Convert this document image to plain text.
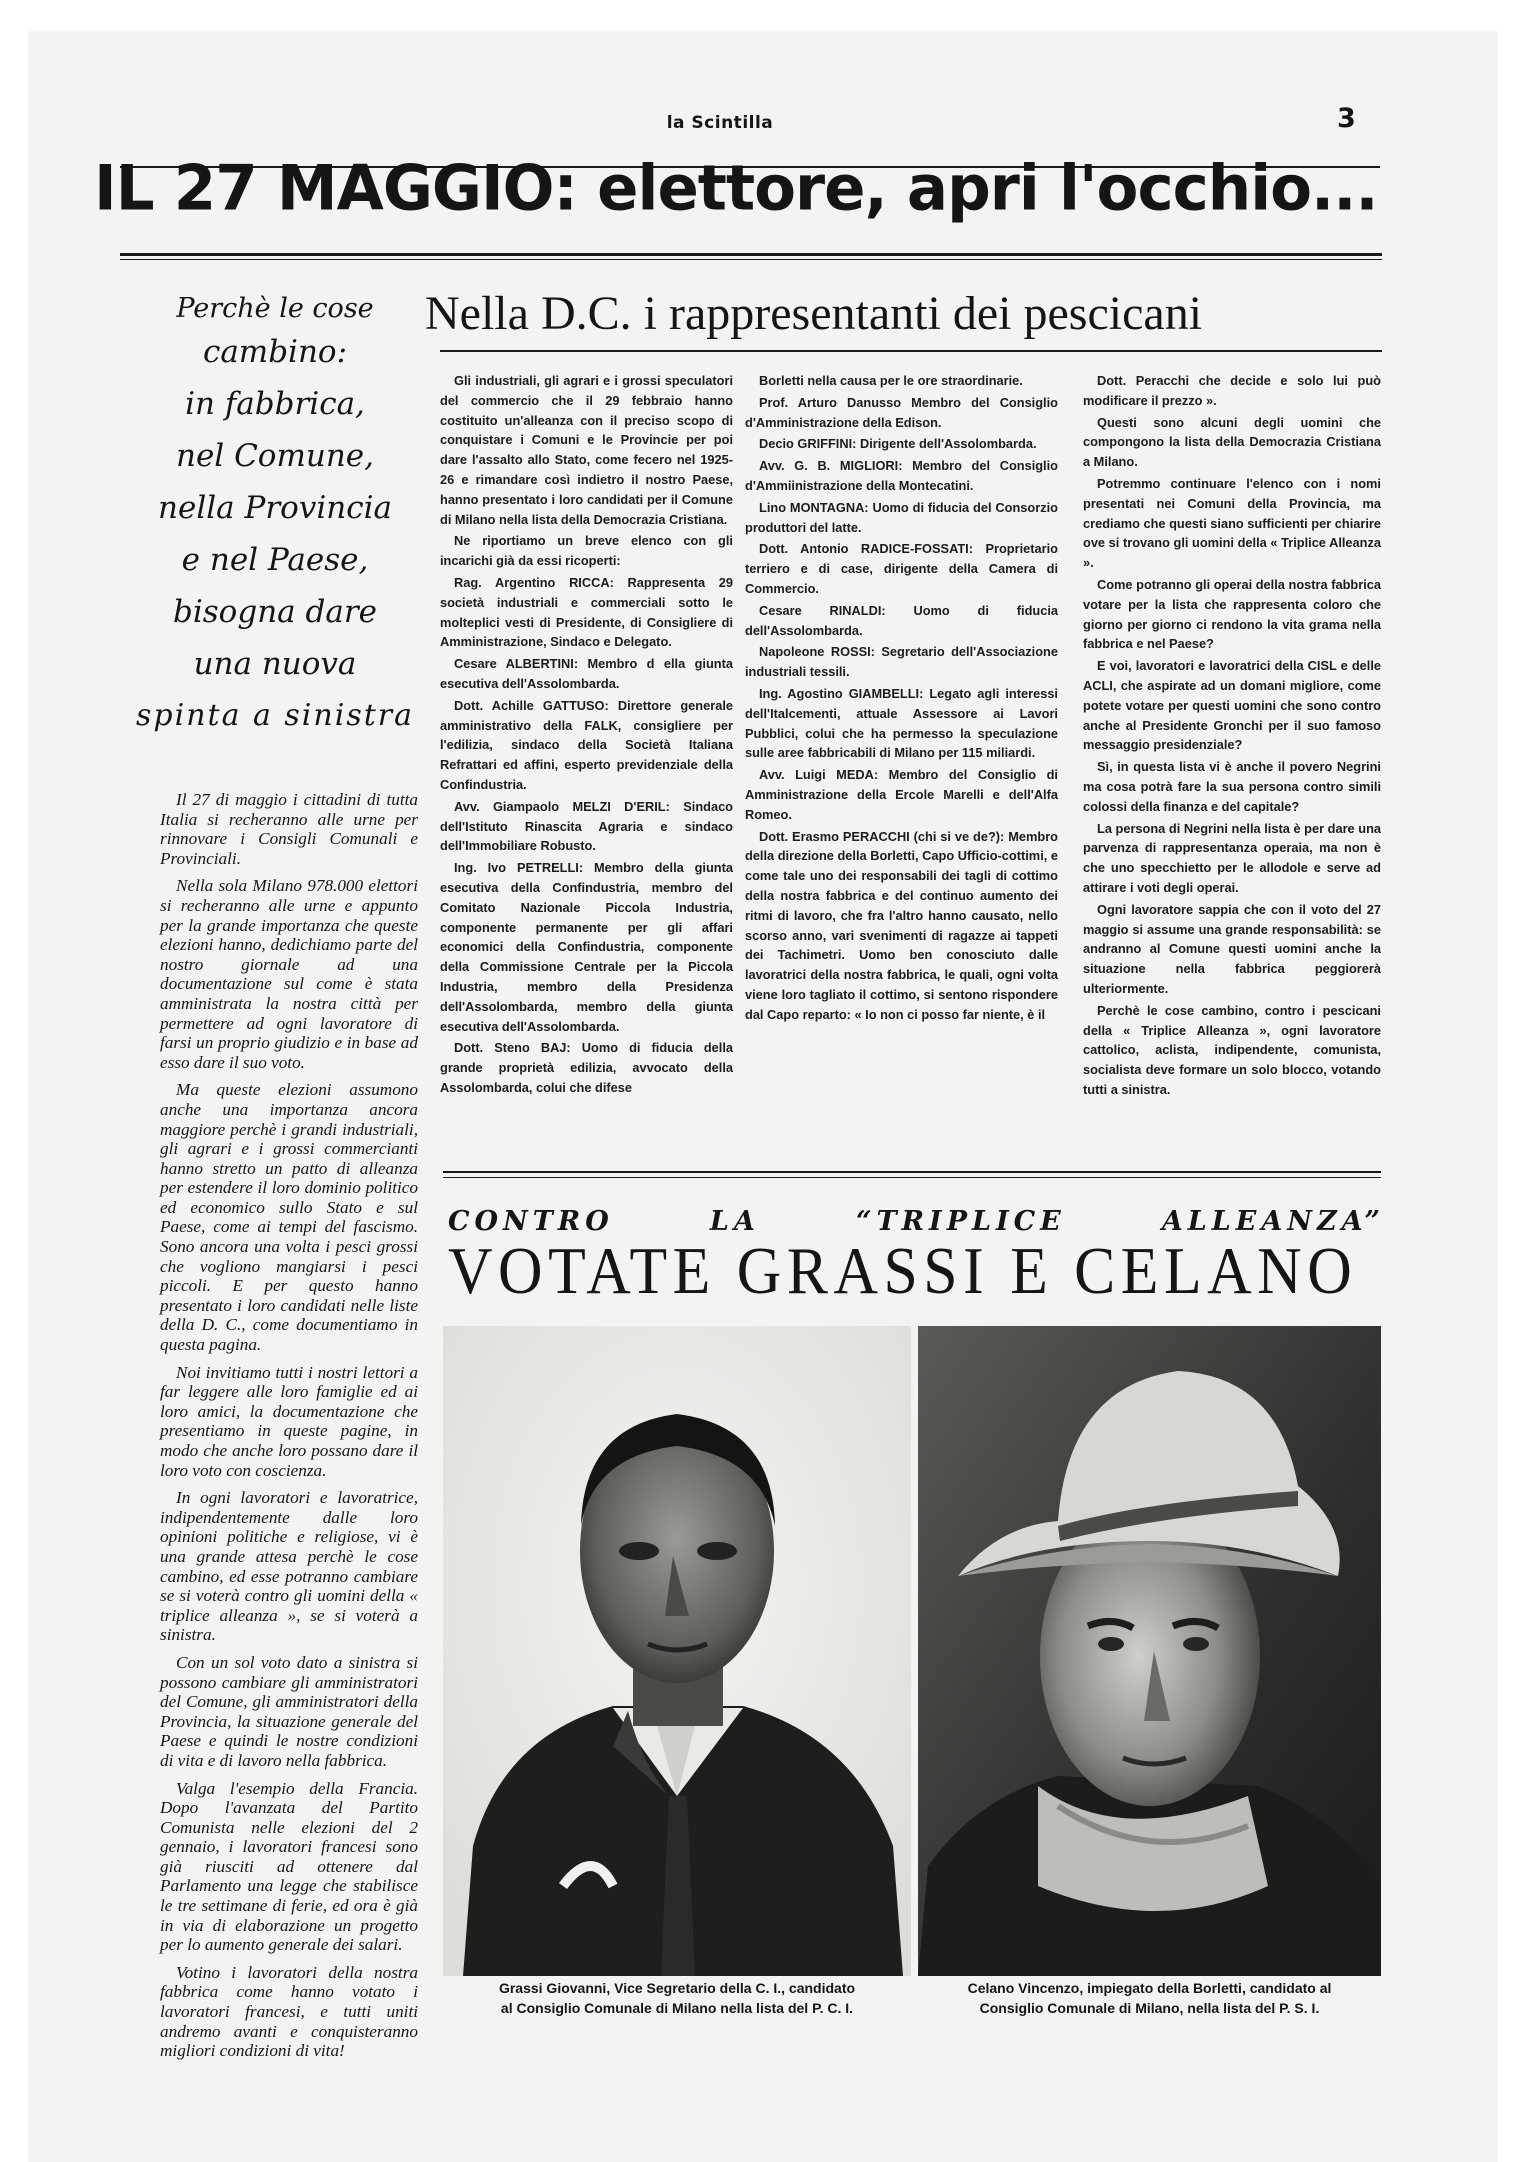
la Scintilla	3
IL 27 MAGGIO: elettore, apri l'occhio...
Perchè le cose
cambino:
in fabbrica,
nel Comune,
nella Provincia
e nel Paese,
bisogna dare
una nuova
spinta a sinistra

Il 27 di maggio i cittadini di tutta Italia si recheranno alle urne per rinnovare i Consigli Comunali e Provinciali.

Nella sola Milano 978.000 elettori si recheranno alle urne e appunto per la grande importanza che queste elezioni hanno, dedichiamo parte del nostro giornale ad una documentazione sul come è stata amministrata la nostra città per permettere ad ogni lavoratore di farsi un proprio giudizio e in base ad esso dare il suo voto.

Ma queste elezioni assumono anche una importanza ancora maggiore perchè i grandi industriali, gli agrari e i grossi commercianti hanno stretto un patto di alleanza per estendere il loro dominio politico ed economico sullo Stato e sul Paese, come ai tempi del fascismo. Sono ancora una volta i pesci grossi che vogliono mangiarsi i pesci piccoli. E per questo hanno presentato i loro candidati nelle liste della D. C., come documentiamo in questa pagina.

Noi invitiamo tutti i nostri lettori a far leggere alle loro famiglie ed ai loro amici, la documentazione che presentiamo in queste pagine, in modo che anche loro possano dare il loro voto con coscienza.

In ogni lavoratori e lavoratrice, indipendentemente dalle loro opinioni politiche e religiose, vi è una grande attesa perchè le cose cambino, ed esse potranno cambiare se si voterà contro gli uomini della « triplice alleanza », se si voterà a sinistra.

Con un sol voto dato a sinistra si possono cambiare gli amministratori del Comune, gli amministratori della Provincia, la situazione generale del Paese e quindi le nostre condizioni di vita e di lavoro nella fabbrica.

Valga l'esempio della Francia. Dopo l'avanzata del Partito Comunista nelle elezioni del 2 gennaio, i lavoratori francesi sono già riusciti ad ottenere dal Parlamento una legge che stabilisce le tre settimane di ferie, ed ora è già in via di elaborazione un progetto per lo aumento generale dei salari.

Votino i lavoratori della nostra fabbrica come hanno votato i lavoratori francesi, e tutti uniti andremo avanti e conquisteranno migliori condizioni di vita!

Nella D.C. i rappresentanti dei pescicani

Gli industriali, gli agrari e i grossi speculatori del commercio che il 29 febbraio hanno costituito un'alleanza con il preciso scopo di conquistare i Comuni e le Provincie per poi dare l'assalto allo Stato, come fecero nel 1925-26 e rimandare così indietro il nostro Paese, hanno presentato i loro candidati per il Comune di Milano nella lista della Democrazia Cristiana.

Ne riportiamo un breve elenco con gli incarichi già da essi ricoperti:

Rag. Argentino RICCA: Rappresenta 29 società industriali e commerciali sotto le molteplici vesti di Presidente, di Consigliere di Amministrazione, Sindaco e Delegato.

Cesare ALBERTINI: Membro d ella giunta esecutiva dell'Assolombarda.

Dott. Achille GATTUSO: Direttore generale amministrativo della FALK, consigliere per l'edilizia, sindaco della Società Italiana Refrattari ed affini, esperto previdenziale della Confindustria.

Avv. Giampaolo MELZI D'ERIL: Sindaco dell'Istituto Rinascita Agraria e sindaco dell'Immobiliare Robusto.

Ing. Ivo PETRELLI: Membro della giunta esecutiva della Confindustria, membro del Comitato Nazionale Piccola Industria, componente permanente per gli affari economici della Confindustria, componente della Commissione Centrale per la Piccola Industria, membro della Presidenza dell'Assolombarda, membro della giunta esecutiva dell'Assolombarda.

Dott. Steno BAJ: Uomo di fiducia della grande proprietà edilizia, avvocato della Assolombarda, colui che difese

Borletti nella causa per le ore straordinarie.

Prof. Arturo Danusso Membro del Consiglio d'Amministrazione della Edison.

Decio GRIFFINI: Dirigente dell'Assolombarda.

Avv. G. B. MIGLIORI: Membro del Consiglio d'Ammiinistrazione della Montecatini.

Lino MONTAGNA: Uomo di fiducia del Consorzio produttori del latte.

Dott. Antonio RADICE-FOSSATI: Proprietario terriero e di case, dirigente della Camera di Commercio.

Cesare RINALDI: Uomo di fiducia dell'Assolombarda.

Napoleone ROSSI: Segretario dell'Associazione industriali tessili.

Ing. Agostino GIAMBELLI: Legato agli interessi dell'Italcementi, attuale Assessore ai Lavori Pubblici, colui che ha permesso la speculazione sulle aree fabbricabili di Milano per 115 miliardi.

Avv. Luigi MEDA: Membro del Consiglio di Amministrazione della Ercole Marelli e dell'Alfa Romeo.

Dott. Erasmo PERACCHI (chi si ve de?): Membro della direzione della Borletti, Capo Ufficio-cottimi, e come tale uno dei responsabili dei tagli di cottimo della nostra fabbrica e del continuo aumento dei ritmi di lavoro, che fra l'altro hanno causato, nello scorso anno, vari svenimenti di ragazze ai tappeti dei Tachimetri. Uomo ben conosciuto dalle lavoratrici della nostra fabbrica, le quali, ogni volta viene loro tagliato il cottimo, si sentono rispondere dal Capo reparto: « Io non ci posso far niente, è il

Dott. Peracchi che decide e solo lui può modificare il prezzo ».

Questi sono alcuni degli uomini che compongono la lista della Democrazia Cristiana a Milano.

Potremmo continuare l'elenco con i nomi presentati nei Comuni della Provincia, ma crediamo che questi siano sufficienti per chiarire ove si trovano gli uomini della « Triplice Alleanza ».

Come potranno gli operai della nostra fabbrica votare per la lista che rappresenta coloro che giorno per giorno ci rendono la vita grama nella fabbrica e nel Paese?

E voi, lavoratori e lavoratrici della CISL e delle ACLI, che aspirate ad un domani migliore, come potete votare per questi uomini che sono contro anche al Presidente Gronchi per il suo famoso messaggio presidenziale?

Sì, in questa lista vi è anche il povero Negrini ma cosa potrà fare la sua persona contro simili colossi della finanza e del capitale?

La persona di Negrini nella lista è per dare una parvenza di rappresentanza operaia, ma non è che uno specchietto per le allodole e serve ad attirare i voti degli operai.

Ogni lavoratore sappia che con il voto del 27 maggio si assume una grande responsabilità: se andranno al Comune questi uomini anche la situazione nella fabbrica peggiorerà ulteriormente.

Perchè le cose cambino, contro i pescicani della « Triplice Alleanza », ogni lavoratore cattolico, aclista, indipendente, comunista, socialista deve formare un solo blocco, votando tutti a sinistra.

CONTRO	LA	“TRIPLICE	ALLEANZA”
VOTATE GRASSI E CELANO
Grassi Giovanni, Vice Segretario della C. I., candidato
al Consiglio Comunale di Milano nella lista del P. C. I.
Celano Vincenzo, impiegato della Borletti, candidato al
Consiglio Comunale di Milano, nella lista del P. S. I.
